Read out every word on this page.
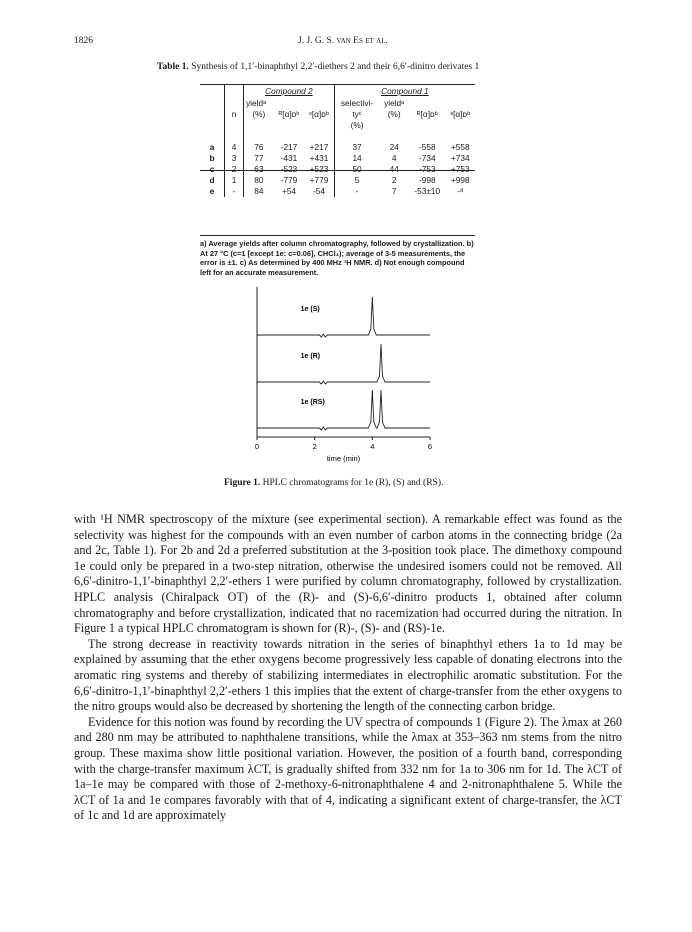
1826	J. J. G. S. van Es et al.
Table 1. Synthesis of 1,1′-binaphthyl 2,2′-diethers 2 and their 6,6′-dinitro derivates 1
		Compound 2			Compound 1			
		yieldᵃ			selectivi-	yieldᵃ		
	n	(%)	ᴿ[α]ᴅᵇ	ˢ[α]ᴅᵇ	tyᶜ	(%)	ᴿ[α]ᴅᵇ	ˢ[α]ᴅᵇ
					(%)			
a	4	76	-217	+217	37	24	-558	+558
b	3	77	-431	+431	14	4	-734	+734
c	2	63	-523	+523	50	44	-753	+753
d	1	80	-779	+779	5	2	-998	+998
e	-	84	+54	-54	-	7	-53±10	-ᵈ
a) Average yields after column chromatography, followed by crystallization. b) At 27 °C (c=1 [except 1e: c=0.06], CHCl₃); average of 3-5 measurements, the error is ±1. c) As determined by 400 MHz ¹H NMR. d) Not enough compound left for an accurate measurement.
1e (S)
1e (R)
1e (RS)
0	2	4	6
time (min)
Figure 1. HPLC chromatograms for 1e (R), (S) and (RS).

with ¹H NMR spectroscopy of the mixture (see experimental section). A remarkable effect was found as the selectivity was highest for the compounds with an even number of carbon atoms in the connecting bridge (2a and 2c, Table 1). For 2b and 2d a preferred substitution at the 3-position took place. The dimethoxy compound 1e could only be prepared in a two-step nitration, otherwise the undesired isomers could not be removed. All 6,6′-dinitro-1,1′-binaphthyl 2,2′-ethers 1 were purified by column chromatography, followed by crystallization. HPLC analysis (Chiralpack OT) of the (R)- and (S)-6,6′-dinitro products 1, obtained after column chromatography and before crystallization, indicated that no racemization had occurred during the nitration. In Figure 1 a typical HPLC chromatogram is shown for (R)-, (S)- and (RS)-1e.

The strong decrease in reactivity towards nitration in the series of binaphthyl ethers 1a to 1d may be explained by assuming that the ether oxygens become progressively less capable of donating electrons into the aromatic ring systems and thereby of stabilizing intermediates in electrophilic aromatic substitution. For the 6,6′-dinitro-1,1′-binaphthyl 2,2′-ethers 1 this implies that the extent of charge-transfer from the ether oxygens to the nitro groups would also be decreased by shortening the length of the connecting carbon bridge.

Evidence for this notion was found by recording the UV spectra of compounds 1 (Figure 2). The λmax at 260 and 280 nm may be attributed to naphthalene transitions, while the λmax at 353–363 nm stems from the nitro group. These maxima show little positional variation. However, the position of a fourth band, corresponding with the charge-transfer maximum λCT, is gradually shifted from 332 nm for 1a to 306 nm for 1d. The λCT of 1a–1e may be compared with those of 2-methoxy-6-nitronaphthalene 4 and 2-nitronaphthalene 5. While the λCT of 1a and 1e compares favorably with that of 4, indicating a significant extent of charge-transfer, the λCT of 1c and 1d are approximately
